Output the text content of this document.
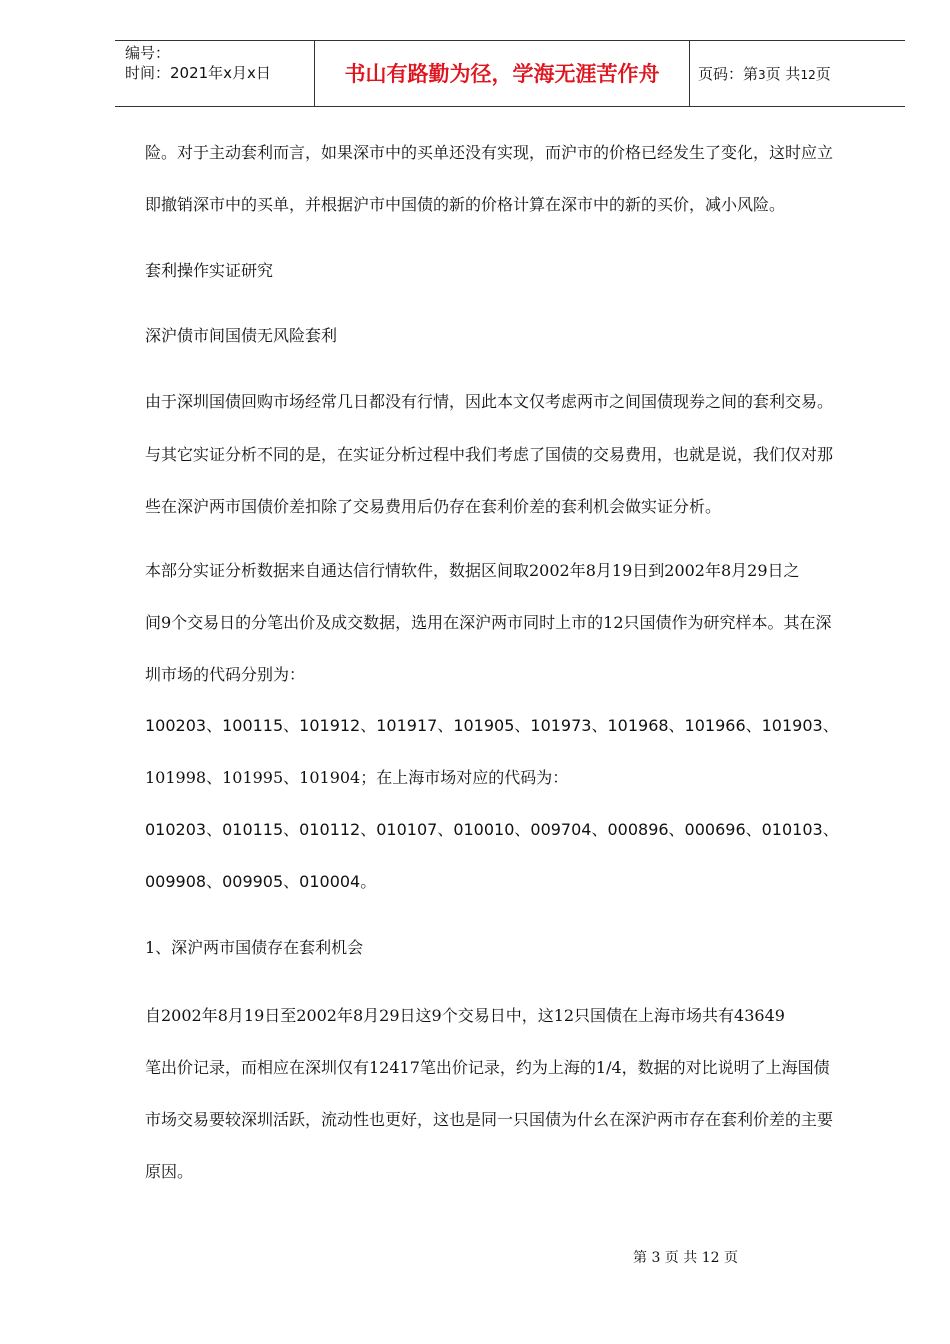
编号：
时间：2021年x月x日	书山有路勤为径，学海无涯苦作舟	页码：第3页 共12页
险。对于主动套利而言，如果深市中的买单还没有实现，而沪市的价格已经发生了变化，这时应立
即撤销深市中的买单，并根据沪市中国债的新的价格计算在深市中的新的买价，减小风险。
套利操作实证研究
深沪债市间国债无风险套利
由于深圳国债回购市场经常几日都没有行情，因此本文仅考虑两市之间国债现券之间的套利交易。
与其它实证分析不同的是，在实证分析过程中我们考虑了国债的交易费用，也就是说，我们仅对那
些在深沪两市国债价差扣除了交易费用后仍存在套利价差的套利机会做实证分析。
本部分实证分析数据来自通达信行情软件，数据区间取2002年8月19日到2002年8月29日之
间9个交易日的分笔出价及成交数据，选用在深沪两市同时上市的12只国债作为研究样本。其在深
圳市场的代码分别为：
100203、100115、101912、101917、101905、101973、101968、101966、101903、
101998、101995、101904；在上海市场对应的代码为：
010203、010115、010112、010107、010010、009704、000896、000696、010103、
009908、009905、010004。
1、深沪两市国债存在套利机会
自2002年8月19日至2002年8月29日这9个交易日中，这12只国债在上海市场共有43649
笔出价记录，而相应在深圳仅有12417笔出价记录，约为上海的1/4，数据的对比说明了上海国债
市场交易要较深圳活跃，流动性也更好，这也是同一只国债为什幺在深沪两市存在套利价差的主要
原因。
第 3 页 共 12 页
